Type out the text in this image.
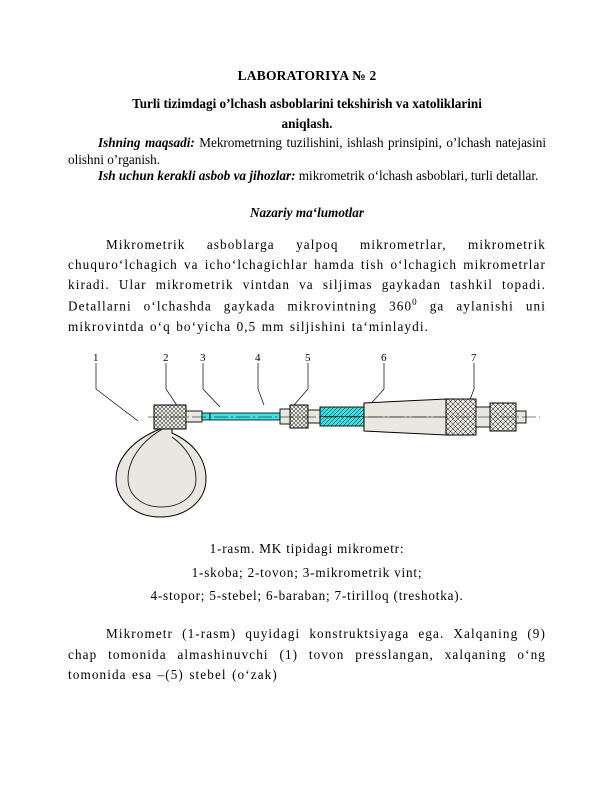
LABORATORIYA № 2
Turli tizimdagi o’lchash asboblarini tekshirish va xatoliklarini
aniqlash.

Ishning maqsadi: Mekrometrning tuzilishini, ishlash prinsipini, o’lchash natejasini olishni o’rganish.

Ish uchun kerakli asbob va jihozlar: mikrometrik o‘lchash asboblari, turli detallar.

Nazariy ma‘lumotlar

Mikrometrik asboblarga yalpoq mikrometrlar, mikrometrik chuquro‘lchagich va icho‘lchagichlar hamda tish o‘lchagich mikrometrlar kiradi. Ular mikrometrik vintdan va siljimas gaykadan tashkil topadi. Detallarni o‘lchashda gaykada mikrovintning $360^0$ ga aylanishi uni mikrovintda o‘q bo‘yicha 0,5 mm siljishini ta‘minlaydi.

1	2	3	4	5	6	7
1-rasm. MK tipidagi mikrometr:
1-skoba; 2-tovon; 3-mikrometrik vint;
4-stopor; 5-stebel; 6-baraban; 7-tirilloq (treshotka).

Mikrometr (1-rasm) quyidagi konstruktsiyaga ega. Xalqaning (9) chap tomonida almashinuvchi (1) tovon presslangan, xalqaning o‘ng tomonida esa –(5) stebel (o‘zak)
